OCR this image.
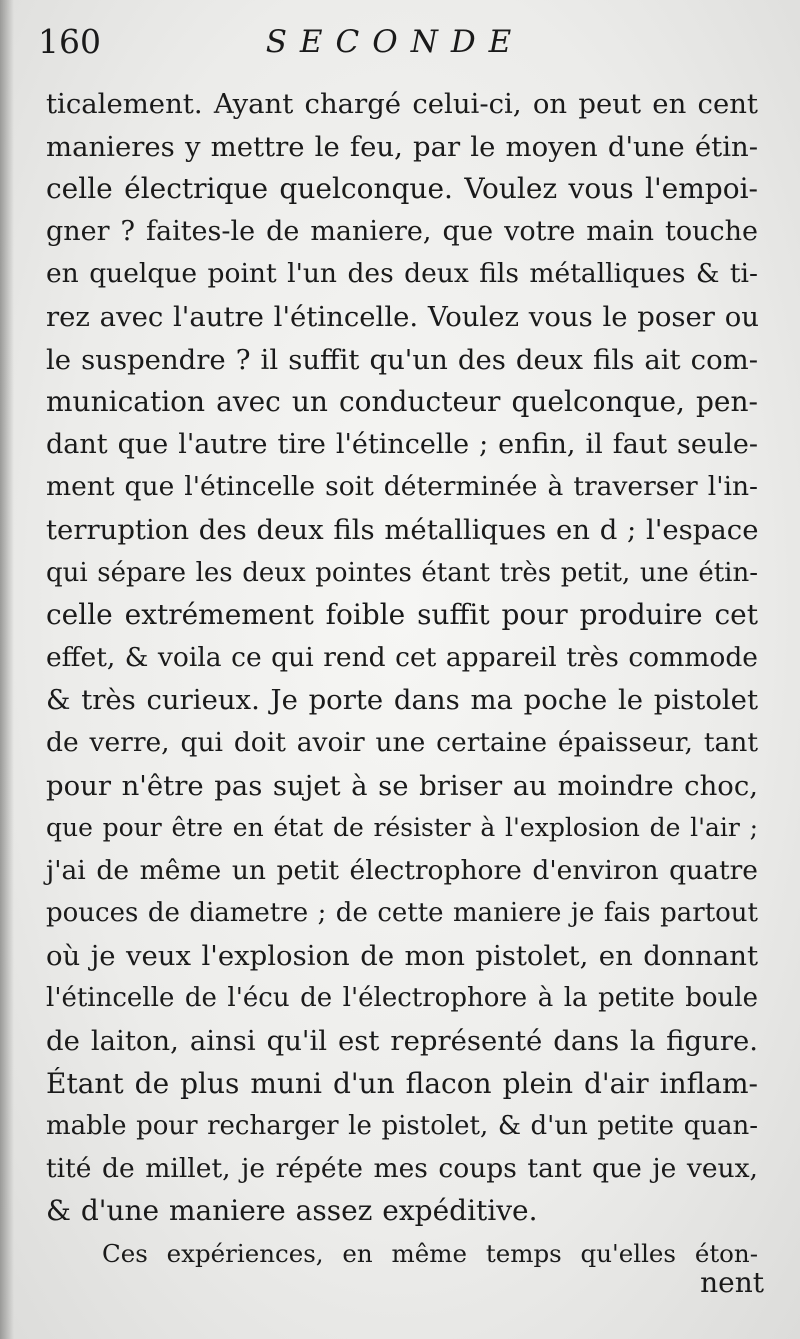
160	SECONDE
ticalement. Ayant chargé celui-ci, on peut en cent
manieres y mettre le feu, par le moyen d'une étin-
celle électrique quelconque. Voulez vous l'empoi-
gner ? faites-le de maniere, que votre main touche
en quelque point l'un des deux fils métalliques & ti-
rez avec l'autre l'étincelle. Voulez vous le poser ou
le suspendre ? il suffit qu'un des deux fils ait com-
munication avec un conducteur quelconque, pen-
dant que l'autre tire l'étincelle ; enfin, il faut seule-
ment que l'étincelle soit déterminée à traverser l'in-
terruption des deux fils métalliques en d ; l'espace
qui sépare les deux pointes étant très petit, une étin-
celle extrémement foible suffit pour produire cet
effet, & voila ce qui rend cet appareil très commode
& très curieux. Je porte dans ma poche le pistolet
de verre, qui doit avoir une certaine épaisseur, tant
pour n'être pas sujet à se briser au moindre choc,
que pour être en état de résister à l'explosion de l'air ;
j'ai de même un petit électrophore d'environ quatre
pouces de diametre ; de cette maniere je fais partout
où je veux l'explosion de mon pistolet, en donnant
l'étincelle de l'écu de l'électrophore à la petite boule
de laiton, ainsi qu'il est représenté dans la figure.
Étant de plus muni d'un flacon plein d'air inflam-
mable pour recharger le pistolet, & d'un petite quan-
tité de millet, je répéte mes coups tant que je veux,
& d'une maniere assez expéditive.
Ces expériences, en même temps qu'elles éton-
nent
